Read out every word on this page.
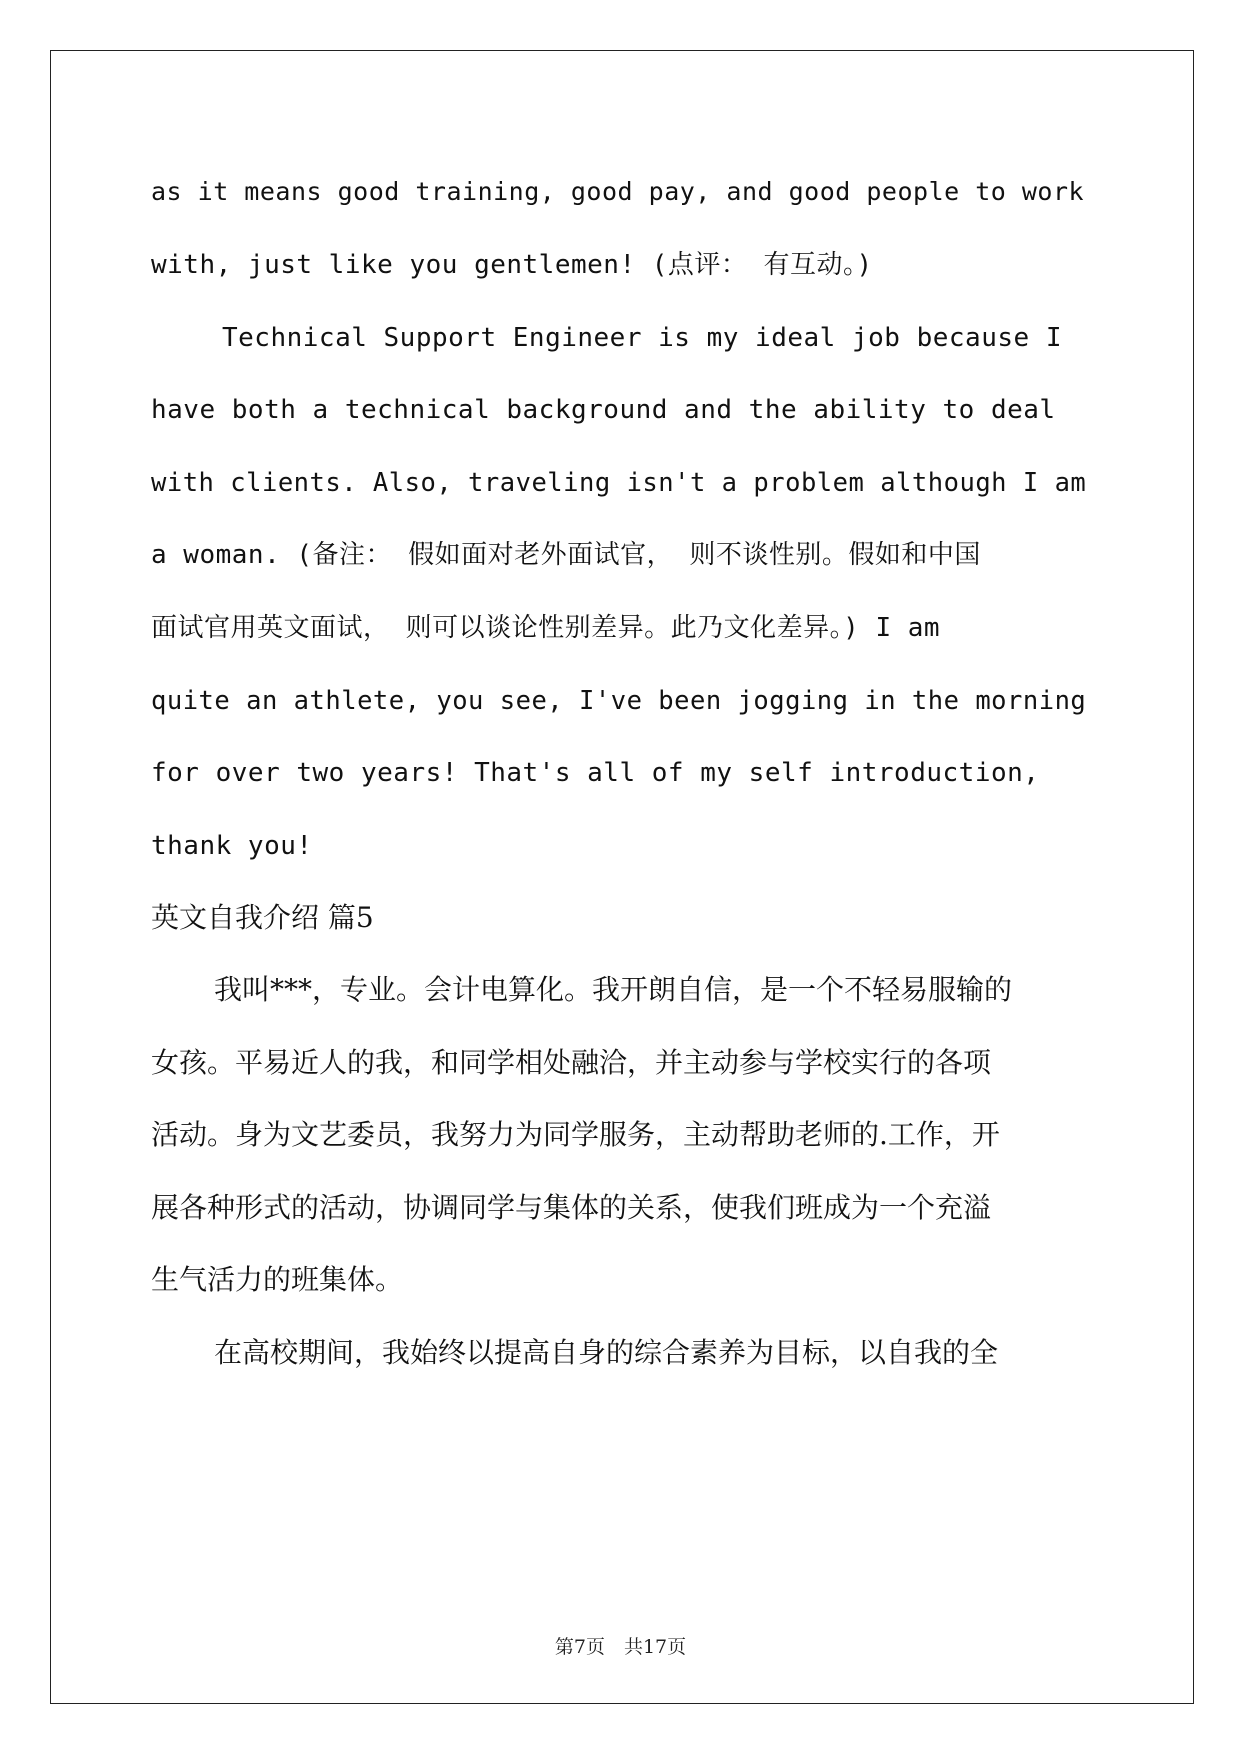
as it means good training, good pay, and good people to work
with, just like you gentlemen! (点评： 有互动。)
Technical Support Engineer is my ideal job because I
have both a technical background and the ability to deal
with clients. Also, traveling isn't a problem although I am
a woman. (备注： 假如面对老外面试官， 则不谈性别。假如和中国
面试官用英文面试， 则可以谈论性别差异。此乃文化差异。) I am
quite an athlete, you see, I've been jogging in the morning
for over two years! That's all of my self introduction,
thank you!
英文自我介绍 篇5
我叫***，专业。会计电算化。我开朗自信，是一个不轻易服输的
女孩。平易近人的我，和同学相处融洽，并主动参与学校实行的各项
活动。身为文艺委员，我努力为同学服务，主动帮助老师的.工作，开
展各种形式的活动，协调同学与集体的关系，使我们班成为一个充溢
生气活力的班集体。
在高校期间，我始终以提高自身的综合素养为目标，以自我的全
第7页　共17页
